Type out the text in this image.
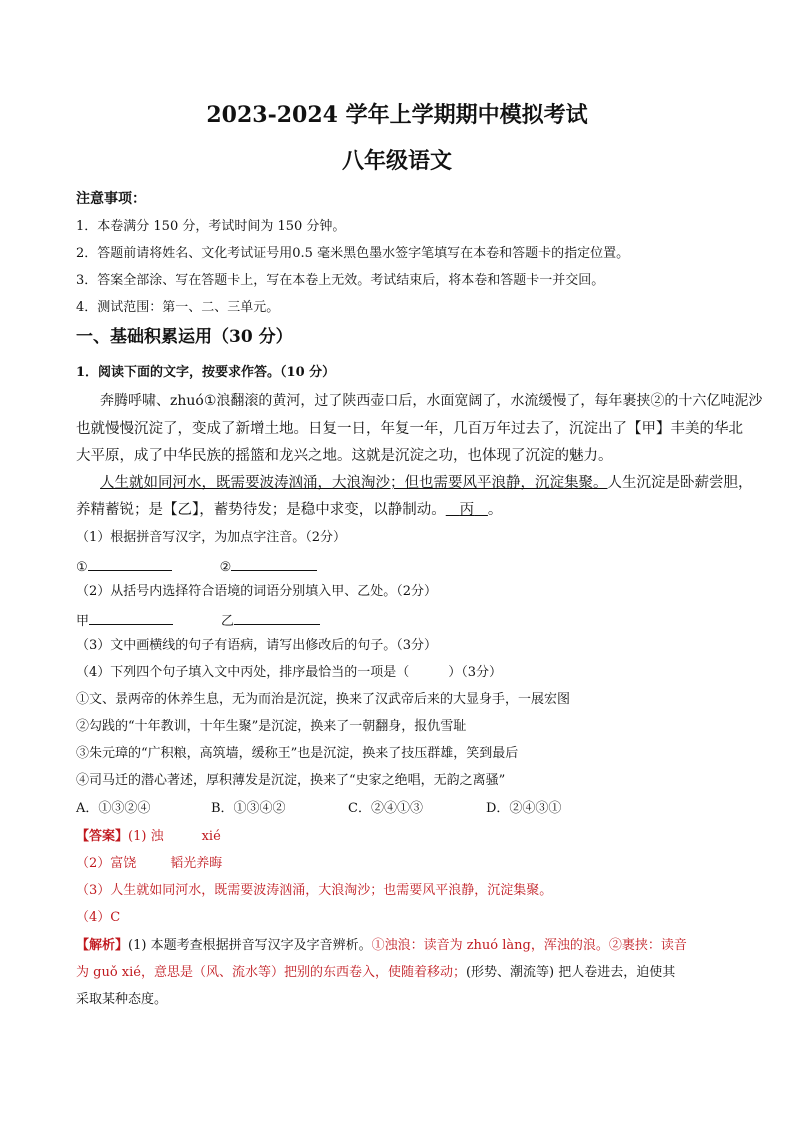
2023-2024 学年上学期期中模拟考试
八年级语文
注意事项：
1．本卷满分 150 分，考试时间为 150 分钟。
2．答题前请将姓名、文化考试证号用0.5 毫米黑色墨水签字笔填写在本卷和答题卡的指定位置。
3．答案全部涂、写在答题卡上，写在本卷上无效。考试结束后，将本卷和答题卡一并交回。
4．测试范围：第一、二、三单元。
一、基础积累运用（30 分）
1．阅读下面的文字，按要求作答。（10 分）
奔腾呼啸、zhuó①浪翻滚的黄河，过了陕西壶口后，水面宽阔了，水流缓慢了，每年裹挟②的十六亿吨泥沙
也就慢慢沉淀了，变成了新增土地。日复一日，年复一年，几百万年过去了，沉淀出了【甲】丰美的华北
大平原，成了中华民族的摇篮和龙兴之地。这就是沉淀之功，也体现了沉淀的魅力。
人生就如同河水，既需要波涛汹涌，大浪淘沙；但也需要风平浪静，沉淀集聚。人生沉淀是卧薪尝胆，
养精蓄锐；是【乙】，蓄势待发；是稳中求变，以静制动。 丙 。
（1）根据拼音写汉字，为加点字注音。（2分）
①	②
（2）从括号内选择符合语境的词语分别填入甲、乙处。（2分）
甲	乙
（3）文中画横线的句子有语病，请写出修改后的句子。（3分）
（4）下列四个句子填入文中丙处，排序最恰当的一项是（　　　）（3分）
①文、景两帝的休养生息，无为而治是沉淀，换来了汉武帝后来的大显身手，一展宏图
②勾践的“十年教训，十年生聚”是沉淀，换来了一朝翻身，报仇雪耻
③朱元璋的“广积粮，高筑墙，缓称王”也是沉淀，换来了技压群雄，笑到最后
④司马迁的潜心著述，厚积薄发是沉淀，换来了“史家之绝唱，无韵之离骚”
A．①③②④	B．①③④②	C．②④①③	D．②④③①
【答案】(1) 浊	xié
（2）富饶	韬光养晦
（3）人生就如同河水，既需要波涛汹涌，大浪淘沙；也需要风平浪静，沉淀集聚。
（4）C
【解析】(1) 本题考查根据拼音写汉字及字音辨析。①浊浪：读音为 zhuó làng，浑浊的浪。②裹挟：读音
为 guǒ xié，意思是（风、流水等）把别的东西卷入，使随着移动；(形势、潮流等) 把人卷进去，迫使其
采取某种态度。
